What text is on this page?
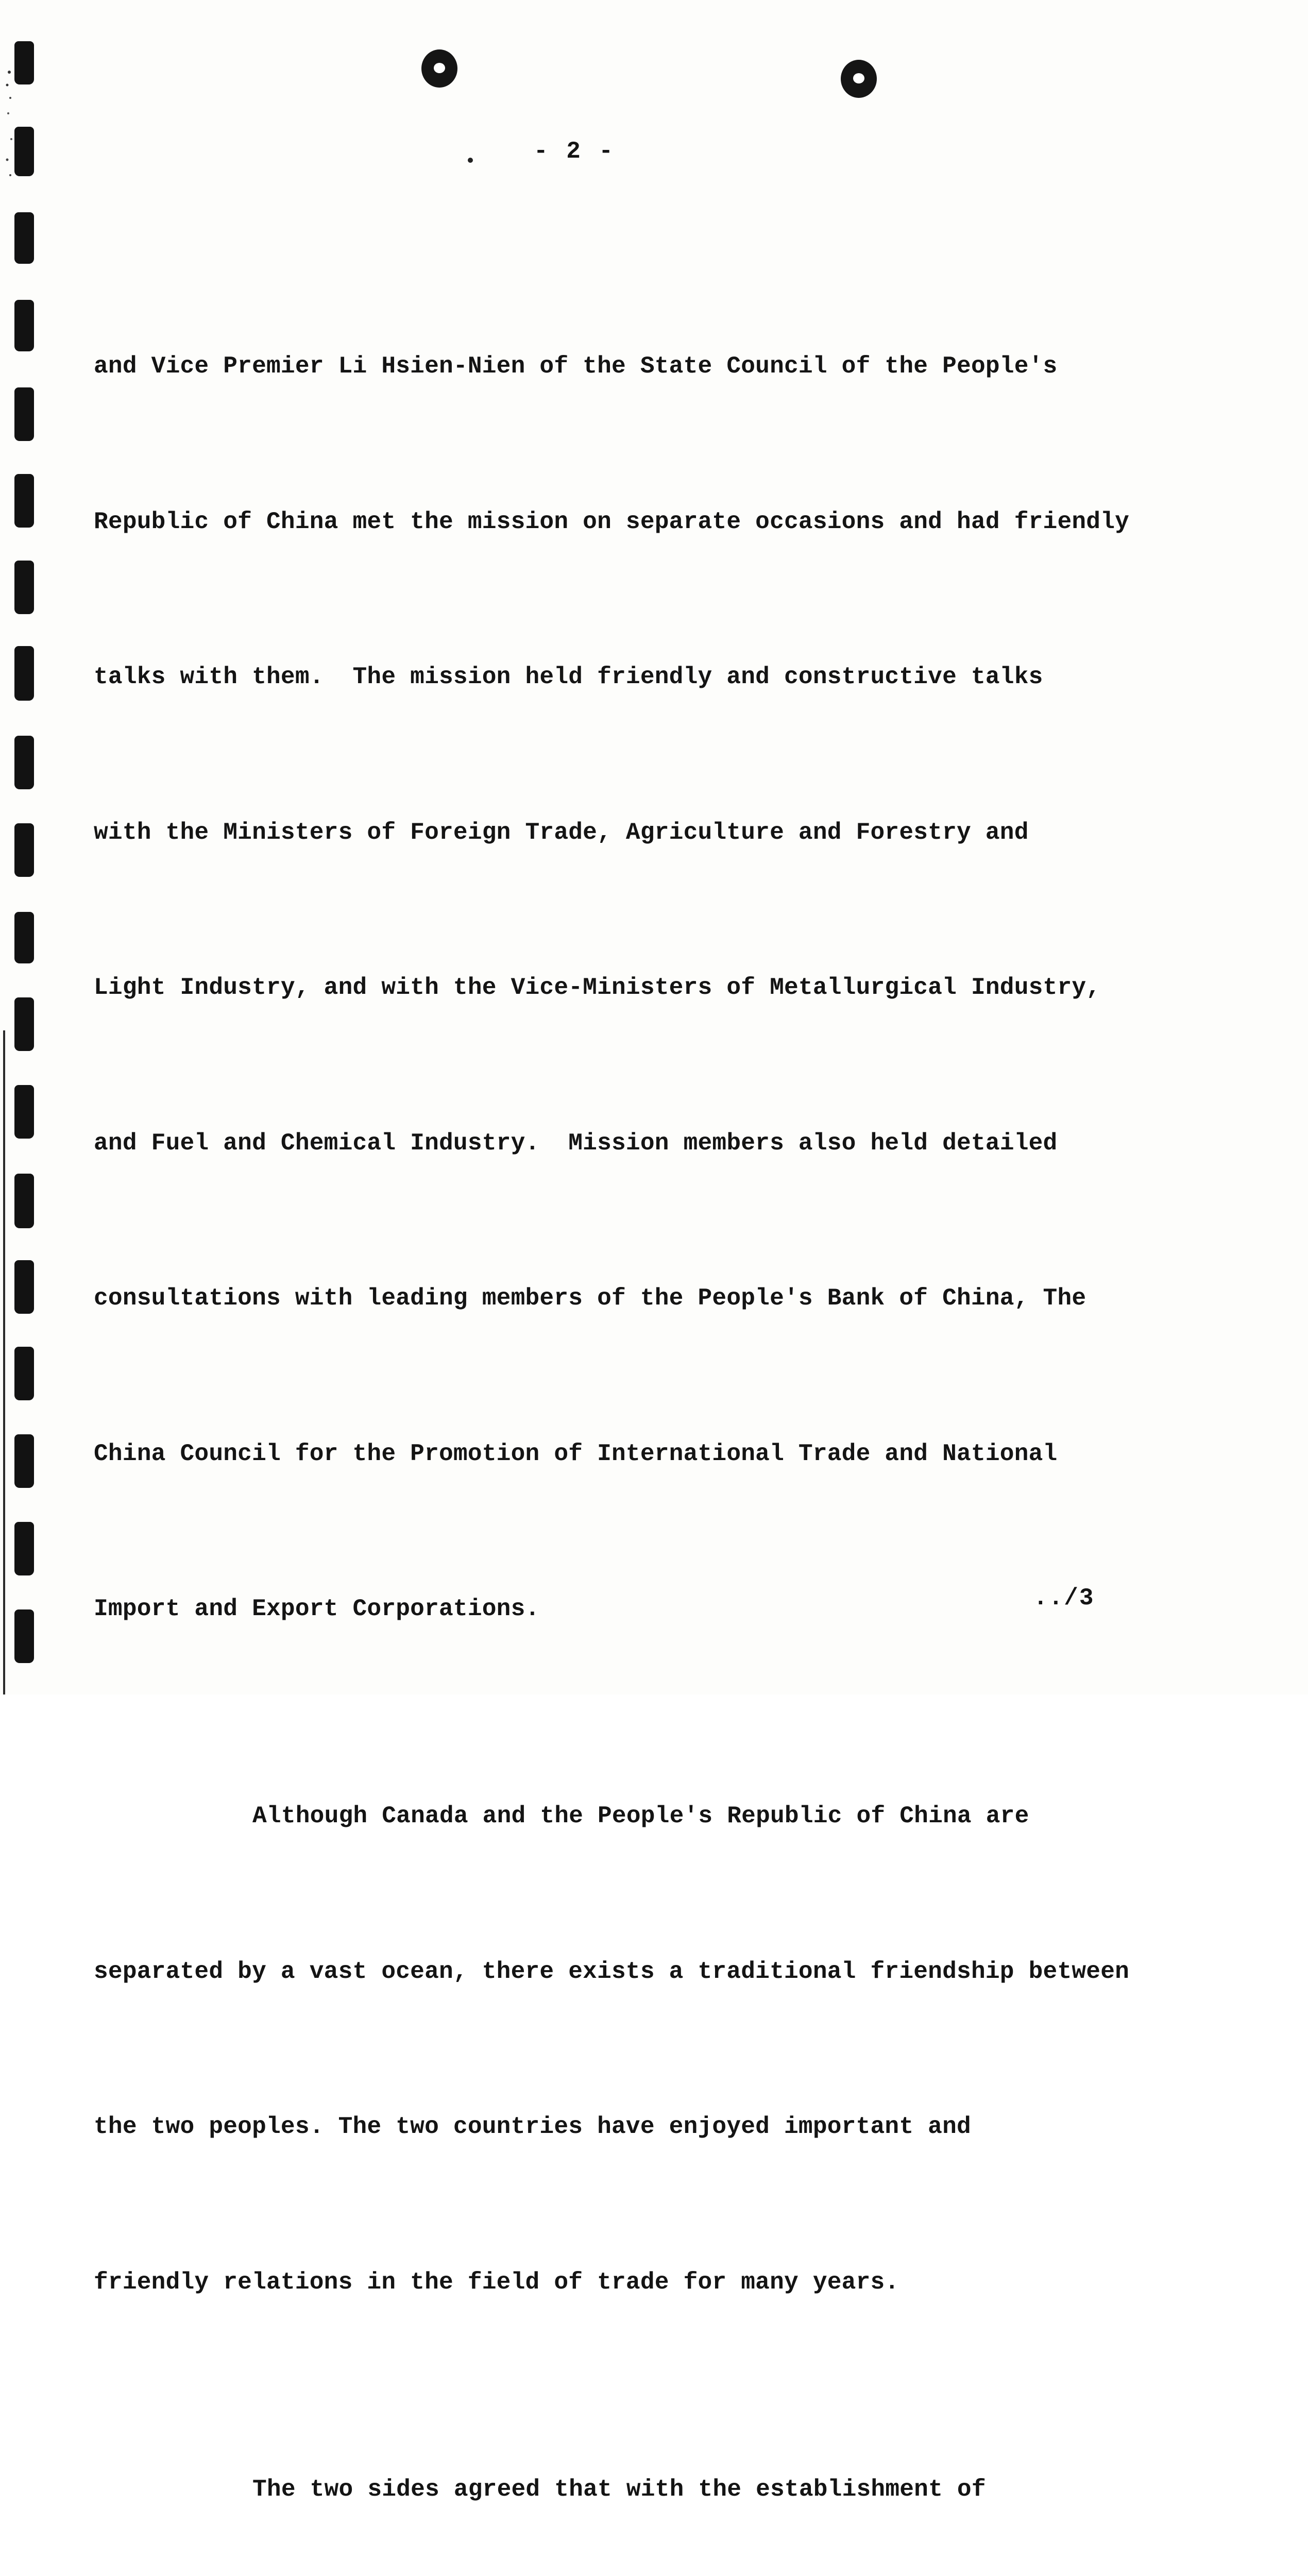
- 2 -

and Vice Premier Li Hsien-Nien of the State Council of the People's

Republic of China met the mission on separate occasions and had friendly

talks with them.  The mission held friendly and constructive talks

with the Ministers of Foreign Trade, Agriculture and Forestry and

Light Industry, and with the Vice-Ministers of Metallurgical Industry,

and Fuel and Chemical Industry.  Mission members also held detailed

consultations with leading members of the People's Bank of China, The

China Council for the Promotion of International Trade and National

Import and Export Corporations.

Although Canada and the People's Republic of China are

separated by a vast ocean, there exists a traditional friendship between

the two peoples. The two countries have enjoyed important and

friendly relations in the field of trade for many years.

The two sides agreed that with the establishment of

../3
